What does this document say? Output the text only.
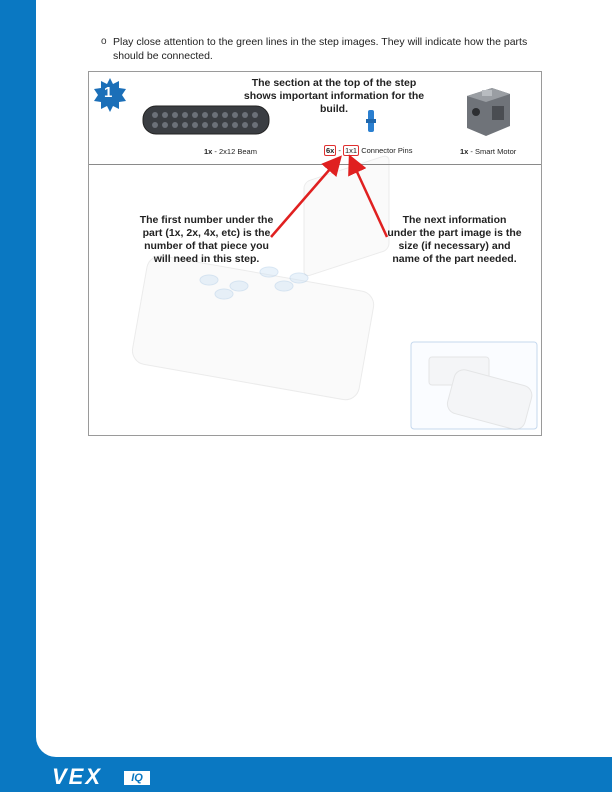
o Play close attention to the green lines in the step images. They will indicate how the parts should be connected.
1
The section at the top of the step shows important information for the build.
1x - 2x12 Beam	6x - 1x1 Connector Pins	1x - Smart Motor
The first number under the part (1x, 2x, 4x, etc) is the number of that piece you will need in this step.
The next information under the part image is the size (if necessary) and name of the part needed.
VEX	IQ
